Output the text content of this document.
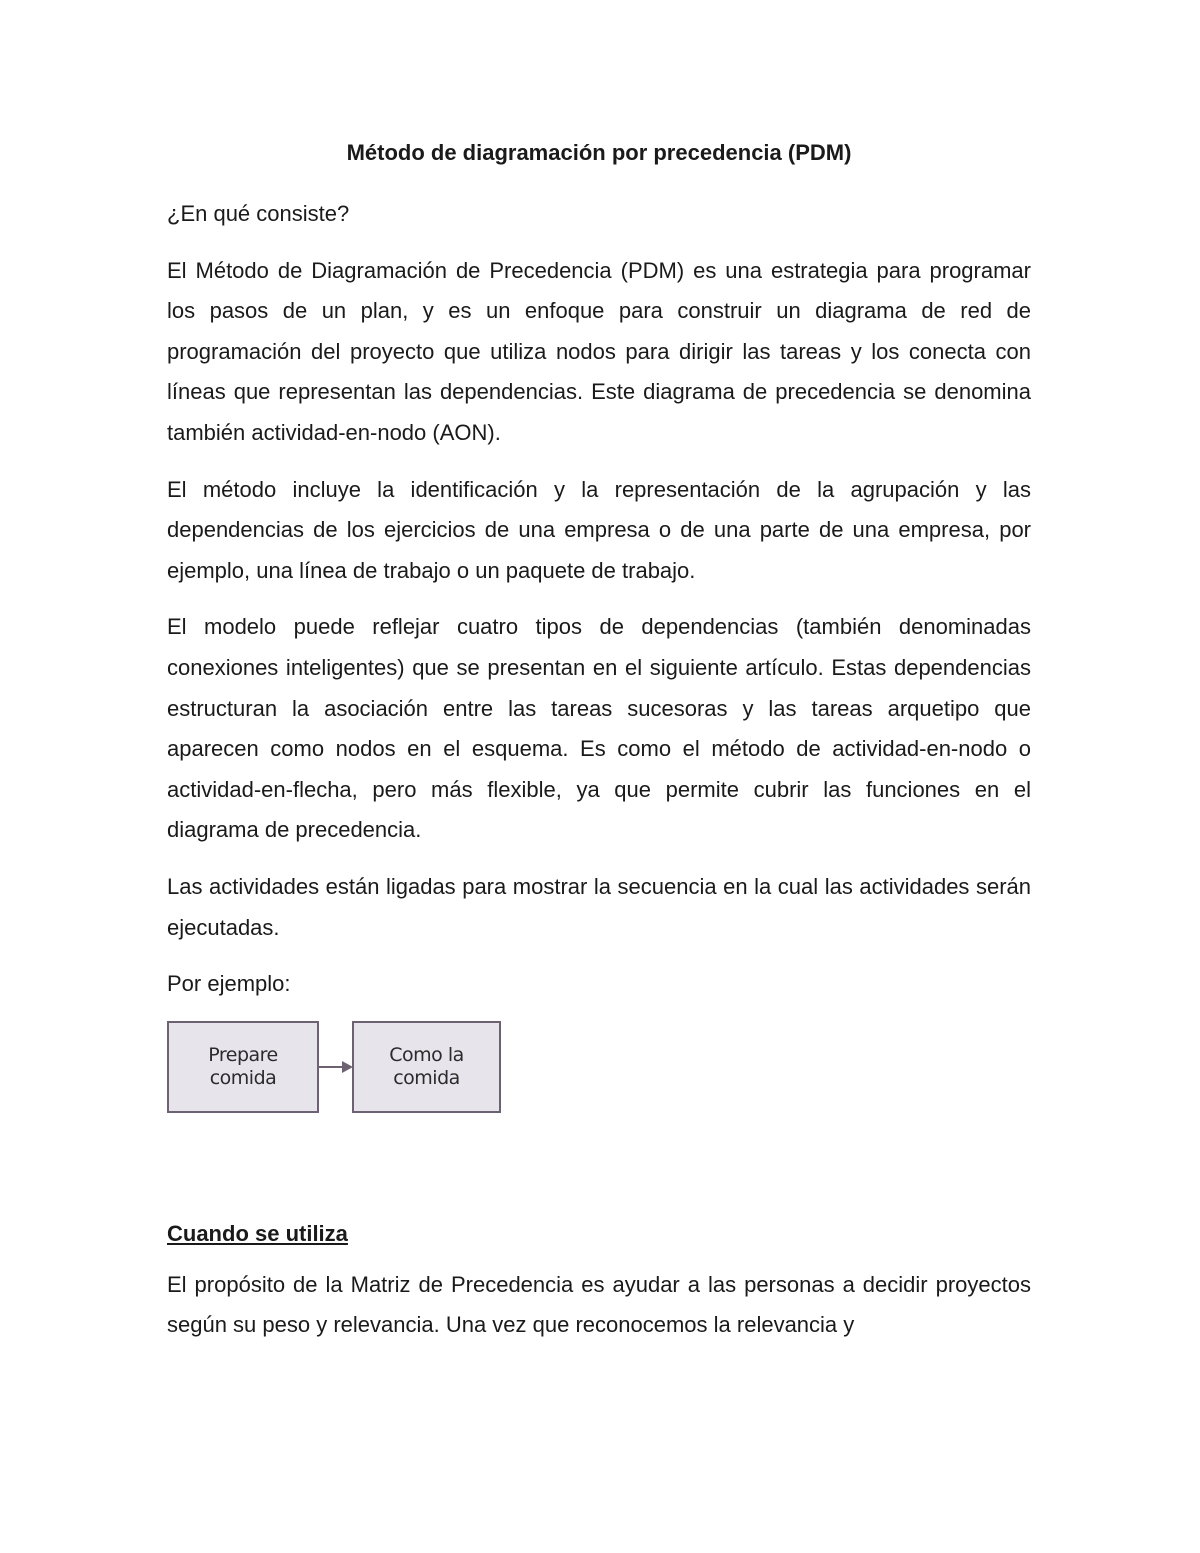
Método de diagramación por precedencia (PDM)
¿En qué consiste?
El Método de Diagramación de Precedencia (PDM) es una estrategia para programar los pasos de un plan, y es un enfoque para construir un diagrama de red de programación del proyecto que utiliza nodos para dirigir las tareas y los conecta con líneas que representan las dependencias. Este diagrama de precedencia se denomina también actividad-en-nodo (AON).
El método incluye la identificación y la representación de la agrupación y las dependencias de los ejercicios de una empresa o de una parte de una empresa, por ejemplo, una línea de trabajo o un paquete de trabajo.
El modelo puede reflejar cuatro tipos de dependencias (también denominadas conexiones inteligentes) que se presentan en el siguiente artículo. Estas dependencias estructuran la asociación entre las tareas sucesoras y las tareas arquetipo que aparecen como nodos en el esquema. Es como el método de actividad-en-nodo o actividad-en-flecha, pero más flexible, ya que permite cubrir las funciones en el diagrama de precedencia.
Las actividades están ligadas para mostrar la secuencia en la cual las actividades serán ejecutadas.
Por ejemplo:
Prepare
comida
Como la
comida
Cuando se utiliza
El propósito de la Matriz de Precedencia es ayudar a las personas a decidir proyectos según su peso y relevancia. Una vez que reconocemos la relevancia y
